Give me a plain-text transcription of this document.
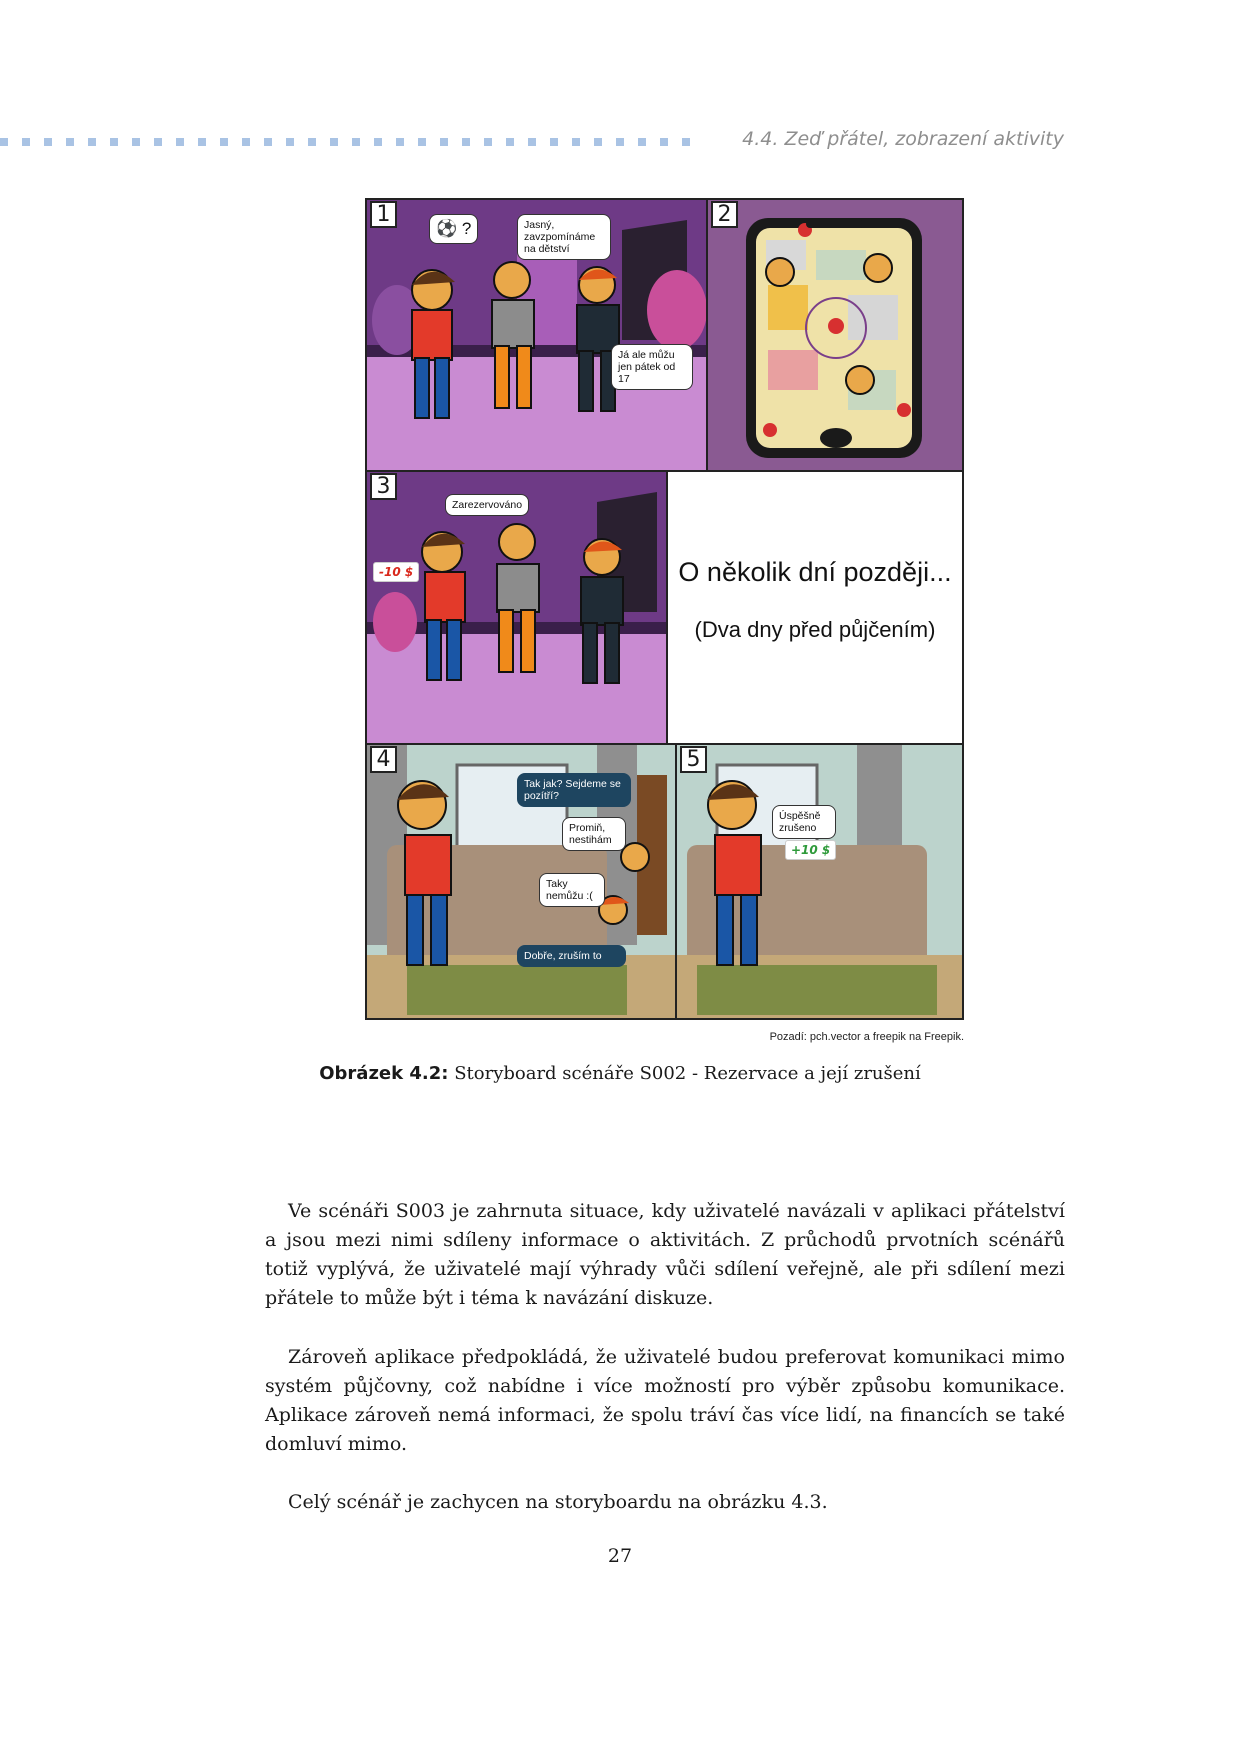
4.4. Zeď přátel, zobrazení aktivity
1
⚽ ?	Jasný, zavzpomínáme na dětství
Já ale můžu jen pátek od 17
2
3
Zarezervováno
-10 $	O několik dní později...
(Dva dny před půjčením)
4
Tak jak? Sejdeme se pozítří?
Promiň, nestihám
Taky nemůžu :(
Dobře, zruším to
5
Úspěšně zrušeno
+10 $
Pozadí: pch.vector a freepik na Freepik.
Obrázek 4.2: Storyboard scénáře S002 - Rezervace a její zrušení
Ve scénáři S003 je zahrnuta situace, kdy uživatelé navázali v aplikaci přátelství a jsou mezi nimi sdíleny informace o aktivitách. Z průchodů prvotních scénářů totiž vyplývá, že uživatelé mají výhrady vůči sdílení veřejně, ale při sdílení mezi přátele to může být i téma k navázání diskuze.
Zároveň aplikace předpokládá, že uživatelé budou preferovat komunikaci mimo systém půjčovny, což nabídne i více možností pro výběr způsobu komunikace. Aplikace zároveň nemá informaci, že spolu tráví čas více lidí, na financích se také domluví mimo.
Celý scénář je zachycen na storyboardu na obrázku 4.3.
27
